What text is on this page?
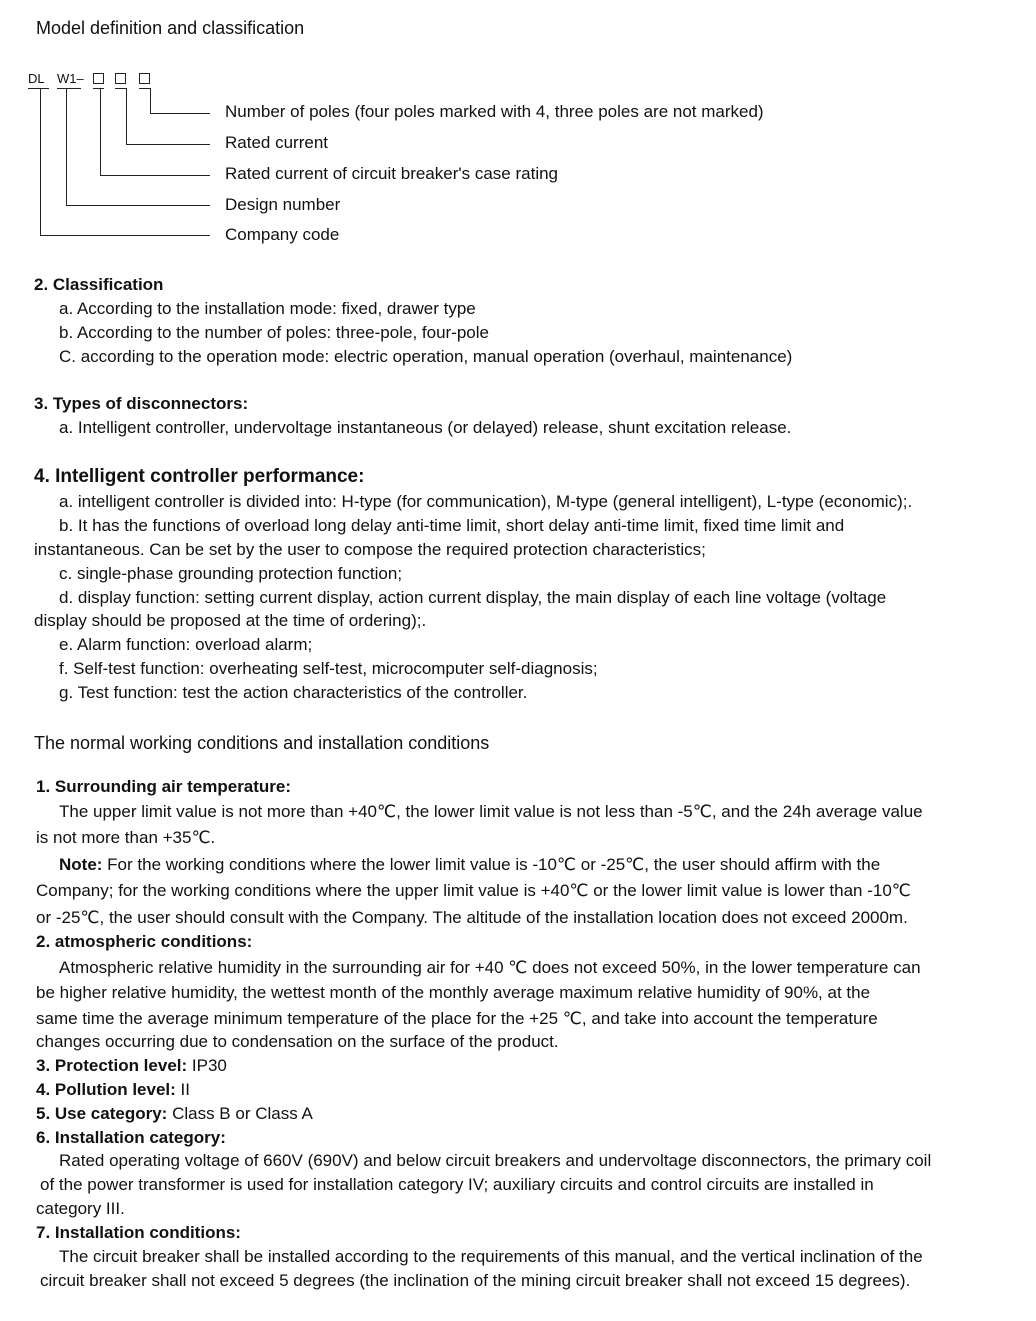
Model definition and classification
DL W1–
Number of poles (four poles marked with 4, three poles are not marked)
Rated current
Rated current of circuit breaker's case rating
Design number
Company code
2. Classification
a. According to the installation mode: fixed, drawer type
b. According to the number of poles: three-pole, four-pole
C. according to the operation mode: electric operation, manual operation (overhaul, maintenance)
3. Types of disconnectors:
a. Intelligent controller, undervoltage instantaneous (or delayed) release, shunt excitation release.
4. Intelligent controller performance:
a. intelligent controller is divided into: H-type (for communication), M-type (general intelligent), L-type (economic);.
b. It has the functions of overload long delay anti-time limit, short delay anti-time limit, fixed time limit and
instantaneous. Can be set by the user to compose the required protection characteristics;
c. single-phase grounding protection function;
d. display function: setting current display, action current display, the main display of each line voltage (voltage
display should be proposed at the time of ordering);.
e. Alarm function: overload alarm;
f. Self-test function: overheating self-test, microcomputer self-diagnosis;
g. Test function: test the action characteristics of the controller.
The normal working conditions and installation conditions
1. Surrounding air temperature:
The upper limit value is not more than +40℃, the lower limit value is not less than -5℃, and the 24h average value
is not more than +35℃.
Note: For the working conditions where the lower limit value is -10℃ or -25℃, the user should affirm with the
Company; for the working conditions where the upper limit value is +40℃ or the lower limit value is lower than -10℃
or -25℃, the user should consult with the Company. The altitude of the installation location does not exceed 2000m.
2. atmospheric conditions:
Atmospheric relative humidity in the surrounding air for +40 ℃ does not exceed 50%, in the lower temperature can
be higher relative humidity, the wettest month of the monthly average maximum relative humidity of 90%, at the
same time the average minimum temperature of the place for the +25 ℃, and take into account the temperature
changes occurring due to condensation on the surface of the product.
3. Protection level: IP30
4. Pollution level: II
5. Use category: Class B or Class A
6. Installation category:
Rated operating voltage of 660V (690V) and below circuit breakers and undervoltage disconnectors, the primary coil
of the power transformer is used for installation category IV; auxiliary circuits and control circuits are installed in
category III.
7. Installation conditions:
The circuit breaker shall be installed according to the requirements of this manual, and the vertical inclination of the
circuit breaker shall not exceed 5 degrees (the inclination of the mining circuit breaker shall not exceed 15 degrees).
